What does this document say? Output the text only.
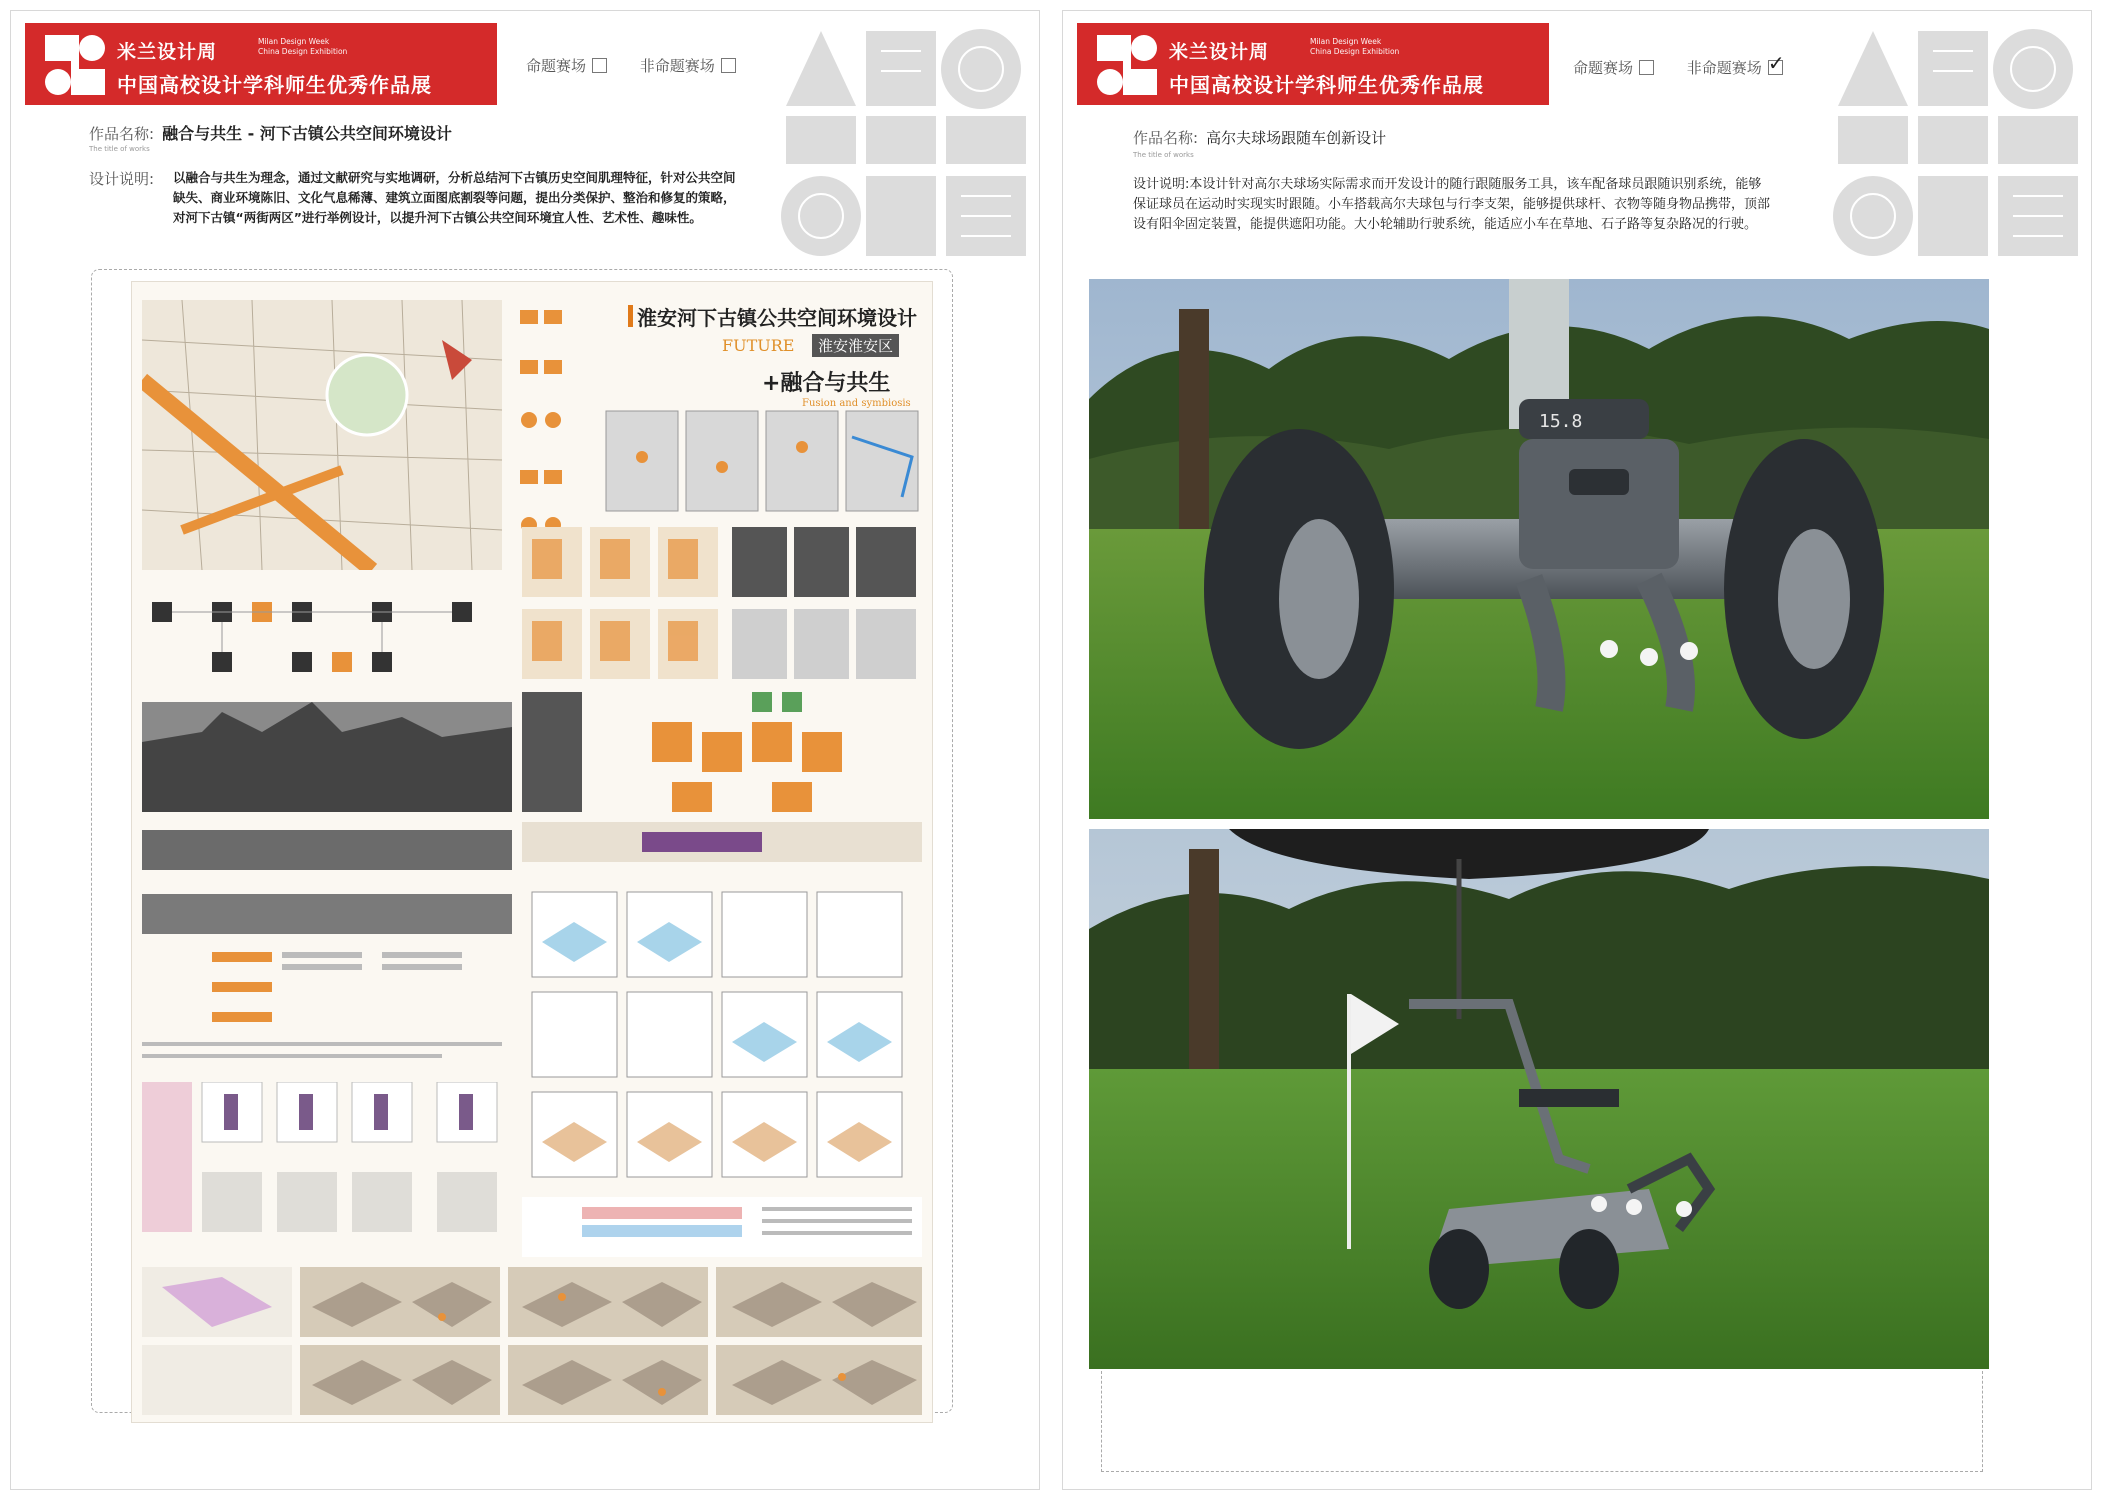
米兰设计周	Milan Design Week
China Design Exhibition
中国高校设计学科师生优秀作品展
命题赛场	非命题赛场
作品名称: 融合与共生 - 河下古镇公共空间环境设计
The title of works
设计说明: 以融合与共生为理念，通过文献研究与实地调研，分析总结河下古镇历史空间肌理特征，针对公共空间缺失、商业环境陈旧、文化气息稀薄、建筑立面图底割裂等问题，提出分类保护、整治和修复的策略，对河下古镇“两街两区”进行举例设计，以提升河下古镇公共空间环境宜人性、艺术性、趣味性。
淮安河下古镇公共空间环境设计
FUTURE	淮安淮安区
+融合与共生
Fusion and symbiosis
米兰设计周	Milan Design Week
China Design Exhibition
中国高校设计学科师生优秀作品展
命题赛场	非命题赛场 ✓
作品名称: 高尔夫球场跟随车创新设计
The title of works
设计说明:本设计针对高尔夫球场实际需求而开发设计的随行跟随服务工具，该车配备球员跟随识别系统，能够保证球员在运动时实现实时跟随。小车搭载高尔夫球包与行李支架，能够提供球杆、衣物等随身物品携带，顶部设有阳伞固定装置，能提供遮阳功能。大小轮辅助行驶系统，能适应小车在草地、石子路等复杂路况的行驶。
15.8
